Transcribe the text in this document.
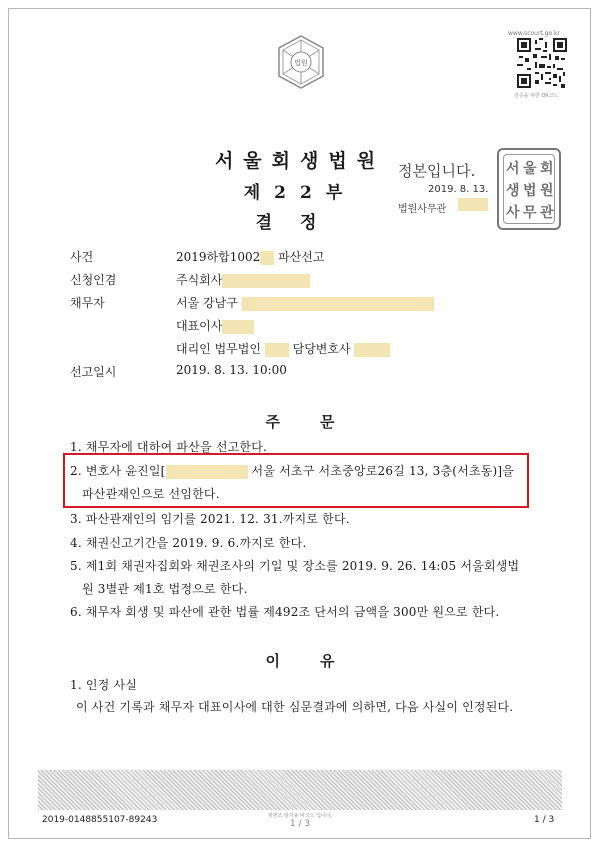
법원
www.scourt.go.kr
검증을 위한 QR코드
서울회생법원
제22부
결정
정본입니다.
2019. 8. 13.
법원사무관
서 울 회
생 법 원
사 무 관
사건	2019하합1002 파산선고
신청인겸	주식회사
채무자	서울 강남구
대표이사
대리인 법무법인	담당변호사
선고일시	2019. 8. 13. 10:00
주문
1. 채무자에 대하여 파산을 선고한다.
2. 변호사 윤진일[	서울 서초구 서초중앙로26길 13, 3층(서초동)]을
파산관재인으로 선임한다.
3. 파산관재인의 임기를 2021. 12. 31.까지로 한다.
4. 채권신고기간을 2019. 9. 6.까지로 한다.
5. 제1회 채권자집회와 채권조사의 기일 및 장소를 2019. 9. 26. 14:05 서울회생법
원 3별관 제1호 법정으로 한다.
6. 채무자 회생 및 파산에 관한 법률 제492조 단서의 금액을 300만 원으로 한다.
이유
1. 인정 사실
이 사건 기록과 채무자 대표이사에 대한 심문결과에 의하면, 다음 사실이 인정된다.
2019-0148855107-89243	위변조 방지용 바코드 입니다.
1 / 3	1 / 3
